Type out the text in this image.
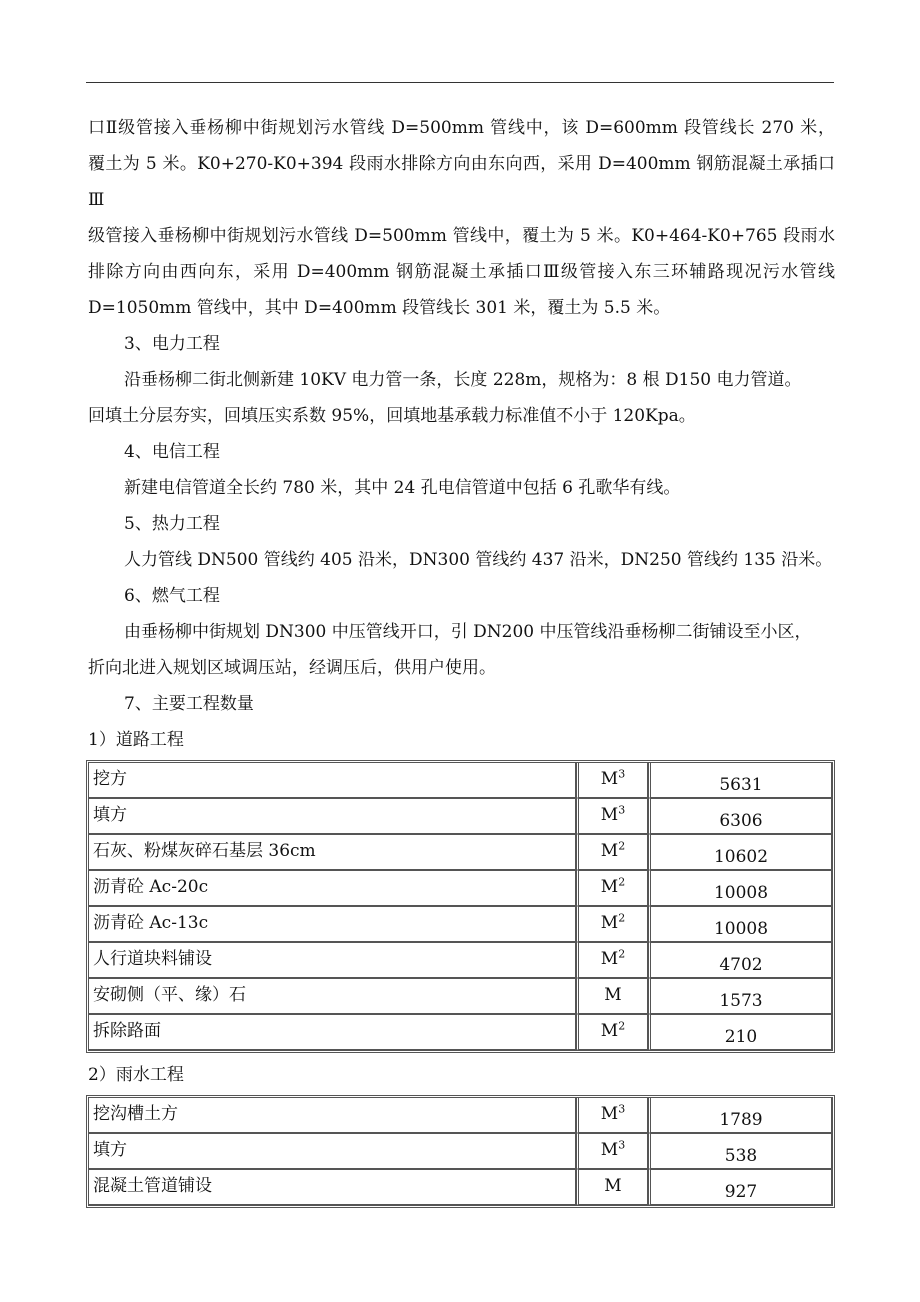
口Ⅱ级管接入垂杨柳中街规划污水管线 D=500mm 管线中，该 D=600mm 段管线长 270 米，
覆土为 5 米。K0+270-K0+394 段雨水排除方向由东向西，采用 D=400mm 钢筋混凝土承插口Ⅲ
级管接入垂杨柳中街规划污水管线 D=500mm 管线中，覆土为 5 米。K0+464-K0+765 段雨水
排除方向由西向东，采用 D=400mm 钢筋混凝土承插口Ⅲ级管接入东三环辅路现况污水管线
D=1050mm 管线中，其中 D=400mm 段管线长 301 米，覆土为 5.5 米。
3、电力工程
沿垂杨柳二街北侧新建 10KV 电力管一条，长度 228m，规格为：8 根 D150 电力管道。
回填土分层夯实，回填压实系数 95%，回填地基承载力标准值不小于 120Kpa。
4、电信工程
新建电信管道全长约 780 米，其中 24 孔电信管道中包括 6 孔歌华有线。
5、热力工程
人力管线 DN500 管线约 405 沿米，DN300 管线约 437 沿米，DN250 管线约 135 沿米。
6、燃气工程
由垂杨柳中街规划 DN300 中压管线开口，引 DN200 中压管线沿垂杨柳二街铺设至小区，
折向北进入规划区域调压站，经调压后，供用户使用。
7、主要工程数量
1）道路工程
挖方	$M^3$	5631
填方	$M^3$	6306
石灰、粉煤灰碎石基层 36cm	$M^2$	10602
沥青砼 Ac-20c	$M^2$	10008
沥青砼 Ac-13c	$M^2$	10008
人行道块料铺设	$M^2$	4702
安砌侧（平、缘）石	M	1573
拆除路面	$M^2$	210
2）雨水工程
挖沟槽土方	$M^3$	1789
填方	$M^3$	538
混凝土管道铺设	M	927
